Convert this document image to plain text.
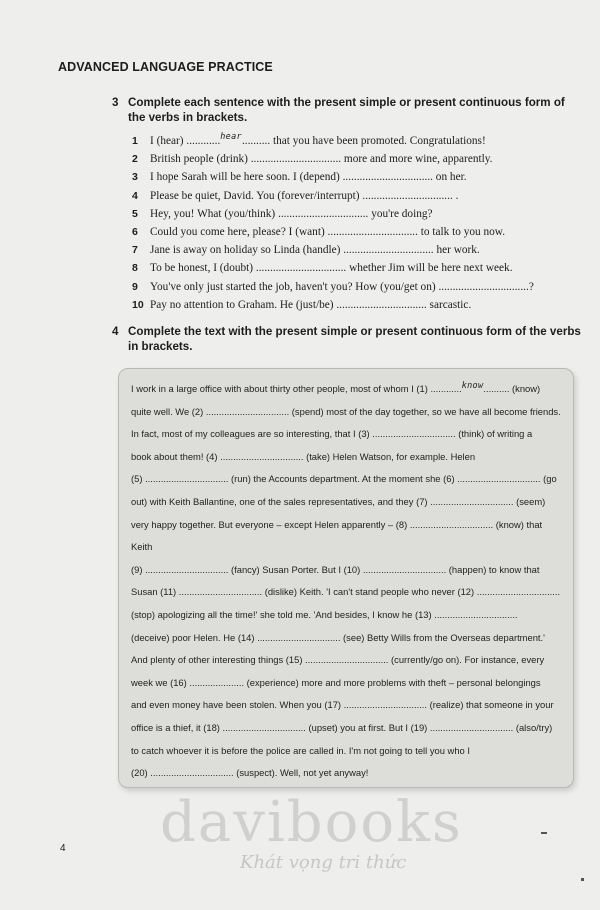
ADVANCED LANGUAGE PRACTICE
3 Complete each sentence with the present simple or present continuous form of the verbs in brackets.
1 I (hear) ............$^{hear}$.......... that you have been promoted. Congratulations!
2 British people (drink) ................................ more and more wine, apparently.
3 I hope Sarah will be here soon. I (depend) ................................ on her.
4 Please be quiet, David. You (forever/interrupt) ................................ .
5 Hey, you! What (you/think) ................................ you're doing?
6 Could you come here, please? I (want) ................................ to talk to you now.
7 Jane is away on holiday so Linda (handle) ................................ her work.
8 To be honest, I (doubt) ................................ whether Jim will be here next week.
9 You've only just started the job, haven't you? How (you/get on) ................................?
10 Pay no attention to Graham. He (just/be) ................................ sarcastic.
4 Complete the text with the present simple or present continuous form of the verbs in brackets.
I work in a large office with about thirty other people, most of whom I (1) ............know.......... (know)
quite well. We (2) ................................ (spend) most of the day together, so we have all become friends.
In fact, most of my colleagues are so interesting, that I (3) ................................ (think) of writing a
book about them! (4) ................................ (take) Helen Watson, for example. Helen
(5) ................................ (run) the Accounts department. At the moment she (6) ................................ (go
out) with Keith Ballantine, one of the sales representatives, and they (7) ................................ (seem)
very happy together. But everyone – except Helen apparently – (8) ................................ (know) that
Keith
(9) ................................ (fancy) Susan Porter. But I (10) ................................ (happen) to know that
Susan (11) ................................ (dislike) Keith. 'I can't stand people who never (12) ................................
(stop) apologizing all the time!' she told me. 'And besides, I know he (13) ................................
(deceive) poor Helen. He (14) ................................ (see) Betty Wills from the Overseas department.'
And plenty of other interesting things (15) ................................ (currently/go on). For instance, every
week we (16) ..................... (experience) more and more problems with theft – personal belongings
and even money have been stolen. When you (17) ................................ (realize) that someone in your
office is a thief, it (18) ................................ (upset) you at first. But I (19) ................................ (also/try)
to catch whoever it is before the police are called in. I'm not going to tell you who I
(20) ................................ (suspect). Well, not yet anyway!
4 davibooks
Khát vọng tri thức
